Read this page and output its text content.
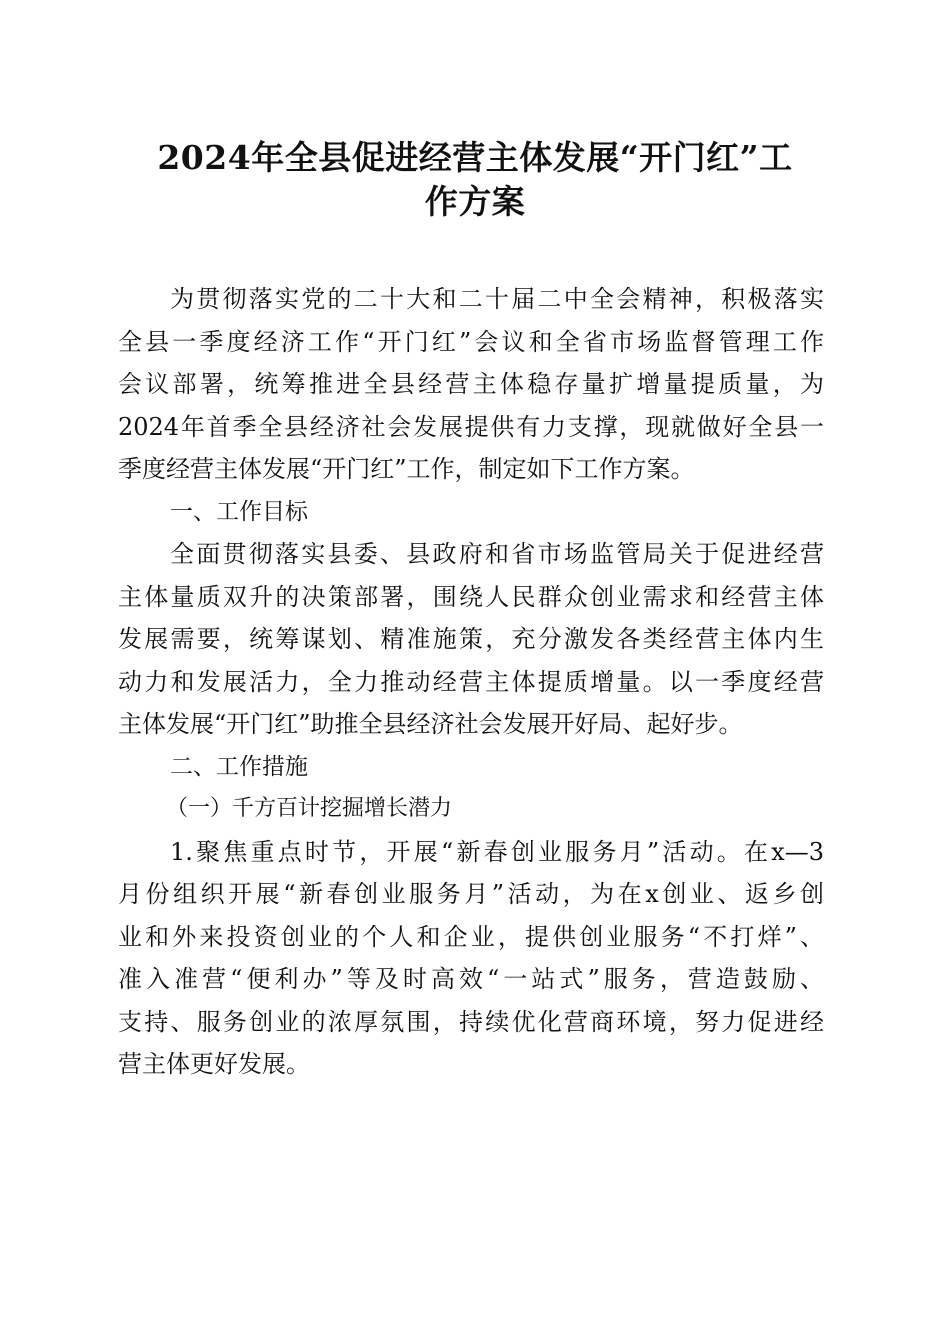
2024年全县促进经营主体发展“开门红”工
作方案
为贯彻落实党的二十大和二十届二中全会精神，积极落实
全县一季度经济工作“开门红”会议和全省市场监督管理工作
会议部署，统筹推进全县经营主体稳存量扩增量提质量，为
2024年首季全县经济社会发展提供有力支撑，现就做好全县一
季度经营主体发展“开门红”工作，制定如下工作方案。
一、工作目标
全面贯彻落实县委、县政府和省市场监管局关于促进经营
主体量质双升的决策部署，围绕人民群众创业需求和经营主体
发展需要，统筹谋划、精准施策，充分激发各类经营主体内生
动力和发展活力，全力推动经营主体提质增量。以一季度经营
主体发展“开门红”助推全县经济社会发展开好局、起好步。
二、工作措施
（一）千方百计挖掘增长潜力
1.聚焦重点时节，开展“新春创业服务月”活动。在x—3
月份组织开展“新春创业服务月”活动，为在x创业、返乡创
业和外来投资创业的个人和企业，提供创业服务“不打烊”、
准入准营“便利办”等及时高效“一站式”服务，营造鼓励、
支持、服务创业的浓厚氛围，持续优化营商环境，努力促进经
营主体更好发展。
